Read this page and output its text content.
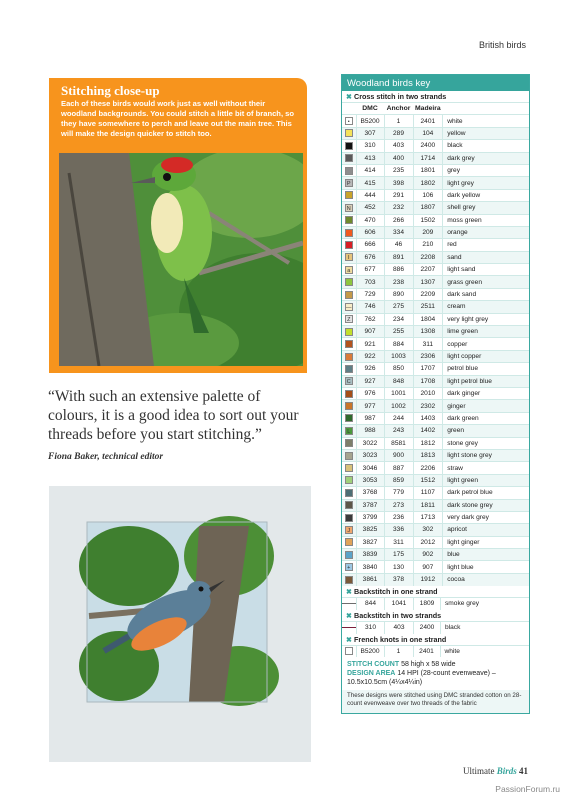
British birds
Stitching close-up
Each of these birds would work just as well without their woodland backgrounds. You could stitch a little bit of branch, so they have somewhere to perch and leave out the main tree. This will make the design quicker to stitch too.
“With such an extensive palette of colours, it is a good idea to sort out your threads before you start stitching.”
Fiona Baker, technical editor
Woodland birds key
✖ Cross stitch in two strands
	DMC	Anchor	Madeira	
•	B5200	1	2401	white
	307	289	104	yellow
	310	403	2400	black
	413	400	1714	dark grey
	414	235	1801	grey
P	415	398	1802	light grey
	444	291	106	dark yellow
N	452	232	1807	shell grey
	470	266	1502	moss green
	606	334	209	orange
	666	46	210	red
I	676	891	2208	sand
a	677	886	2207	light sand
	703	238	1307	grass green
	729	890	2209	dark sand
—	746	275	2511	cream
Z	762	234	1804	very light grey
	907	255	1308	lime green
	921	884	311	copper
	922	1003	2306	light copper
	926	850	1707	petrol blue
C	927	848	1708	light petrol blue
	976	1001	2010	dark ginger
	977	1002	2302	ginger
	987	244	1403	dark green
L	988	243	1402	green
	3022	8581	1812	stone grey
	3023	900	1813	light stone grey
	3046	887	2206	straw
	3053	859	1512	light green
	3768	779	1107	dark petrol blue
	3787	273	1811	dark stone grey
	3799	236	1713	very dark grey
J	3825	336	302	apricot
	3827	311	2012	light ginger
	3839	175	902	blue
+	3840	130	907	light blue
	3861	378	1912	cocoa
✖ Backstitch in one strand
	844	1041	1809	smoke grey
✖ Backstitch in two strands
	310	403	2400	black
✖ French knots in one strand
	B5200	1	2401	white
STITCH COUNT 58 high x 58 wide
DESIGN AREA 14 HPI (28-count evenweave) – 10.5x10.5cm (4¼x4¼in)
These designs were stitched using DMC stranded cotton on 28-count evenweave over two threads of the fabric
Ultimate Birds 41
PassionForum.ru
